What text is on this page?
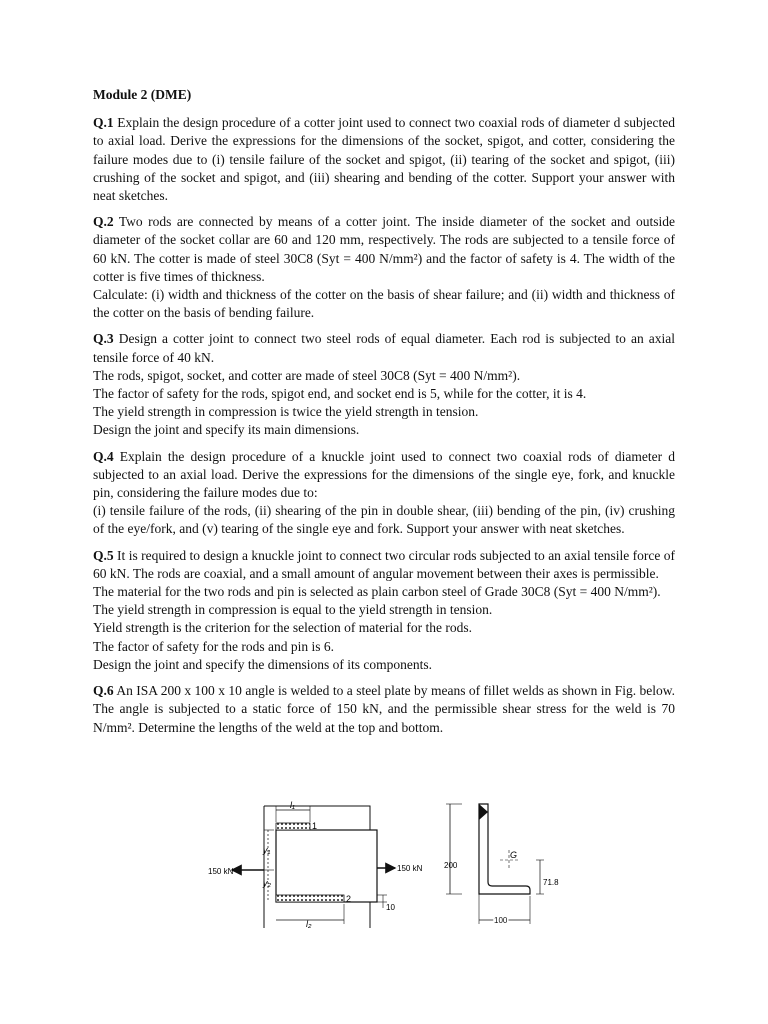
Module 2 (DME)

Q.1 Explain the design procedure of a cotter joint used to connect two coaxial rods of diameter d subjected to axial load. Derive the expressions for the dimensions of the socket, spigot, and cotter, considering the failure modes due to (i) tensile failure of the socket and spigot, (ii) tearing of the socket and spigot, (iii) crushing of the socket and spigot, and (iii) shearing and bending of the cotter. Support your answer with neat sketches.

Q.2 Two rods are connected by means of a cotter joint. The inside diameter of the socket and outside diameter of the socket collar are 60 and 120 mm, respectively. The rods are subjected to a tensile force of 60 kN. The cotter is made of steel 30C8 (Syt = 400 N/mm²) and the factor of safety is 4. The width of the cotter is five times of thickness.

Calculate: (i) width and thickness of the cotter on the basis of shear failure; and (ii) width and thickness of the cotter on the basis of bending failure.

Q.3 Design a cotter joint to connect two steel rods of equal diameter. Each rod is subjected to an axial tensile force of 40 kN.

The rods, spigot, socket, and cotter are made of steel 30C8 (Syt = 400 N/mm²).

The factor of safety for the rods, spigot end, and socket end is 5, while for the cotter, it is 4.

The yield strength in compression is twice the yield strength in tension.

Design the joint and specify its main dimensions.

Q.4 Explain the design procedure of a knuckle joint used to connect two coaxial rods of diameter d subjected to an axial load. Derive the expressions for the dimensions of the single eye, fork, and knuckle pin, considering the failure modes due to:

(i) tensile failure of the rods, (ii) shearing of the pin in double shear, (iii) bending of the pin, (iv) crushing of the eye/fork, and (v) tearing of the single eye and fork. Support your answer with neat sketches.

Q.5 It is required to design a knuckle joint to connect two circular rods subjected to an axial tensile force of 60 kN. The rods are coaxial, and a small amount of angular movement between their axes is permissible.

The material for the two rods and pin is selected as plain carbon steel of Grade 30C8 (Syt = 400 N/mm²).

The yield strength in compression is equal to the yield strength in tension.

Yield strength is the criterion for the selection of material for the rods.

The factor of safety for the rods and pin is 6.

Design the joint and specify the dimensions of its components.

Q.6 An ISA 200 x 100 x 10 angle is welded to a steel plate by means of fillet welds as shown in Fig. below. The angle is subjected to a static force of 150 kN, and the permissible shear stress for the weld is 70 N/mm². Determine the lengths of the weld at the top and bottom.

l₁
1
l₂
2
y₁
y₂
150 kN	150 kN
10
200
G
71.8
100
